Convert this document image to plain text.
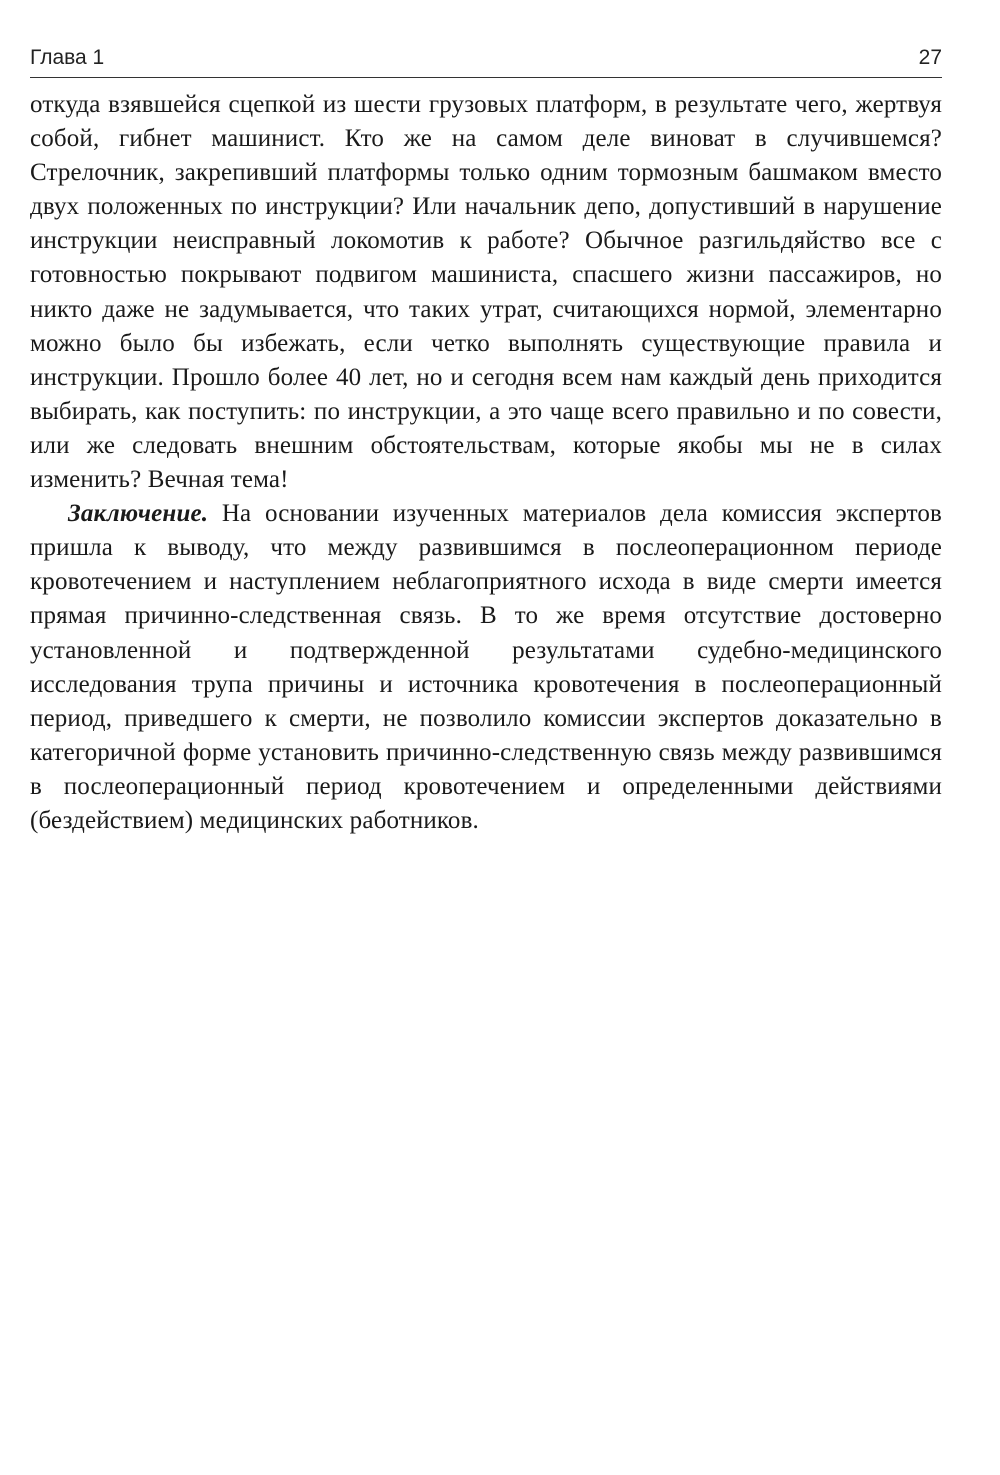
Глава 1	27

откуда взявшейся сцепкой из шести грузовых платформ, в результате чего, жертвуя собой, гибнет машинист. Кто же на самом деле виноват в случившемся? Стрелочник, закрепивший платформы только одним тормозным башмаком вместо двух положенных по инструкции? Или начальник депо, допустивший в нарушение инструкции неисправный локомотив к работе? Обычное разгильдяйство все с готовностью покрывают подвигом машиниста, спасшего жизни пассажиров, но никто даже не задумывается, что таких утрат, считающихся нормой, элементарно можно было бы избежать, если четко выполнять существующие правила и инструкции. Прошло более 40 лет, но и сегодня всем нам каждый день приходится выбирать, как поступить: по инструкции, а это чаще всего правильно и по совести, или же следовать внешним обстоятельствам, которые якобы мы не в силах изменить? Вечная тема!

Заключение. На основании изученных материалов дела комиссия экспертов пришла к выводу, что между развившимся в послеоперационном периоде кровотечением и наступлением неблагоприятного исхода в виде смерти имеется прямая причинно-следственная связь. В то же время отсутствие достоверно установленной и подтвержденной результатами судебно-медицинского исследования трупа причины и источника кровотечения в послеоперационный период, приведшего к смерти, не позволило комиссии экспертов доказательно в категоричной форме установить причинно-следственную связь между развившимся в послеоперационный период кровотечением и определенными действиями (бездействием) медицинских работников.
